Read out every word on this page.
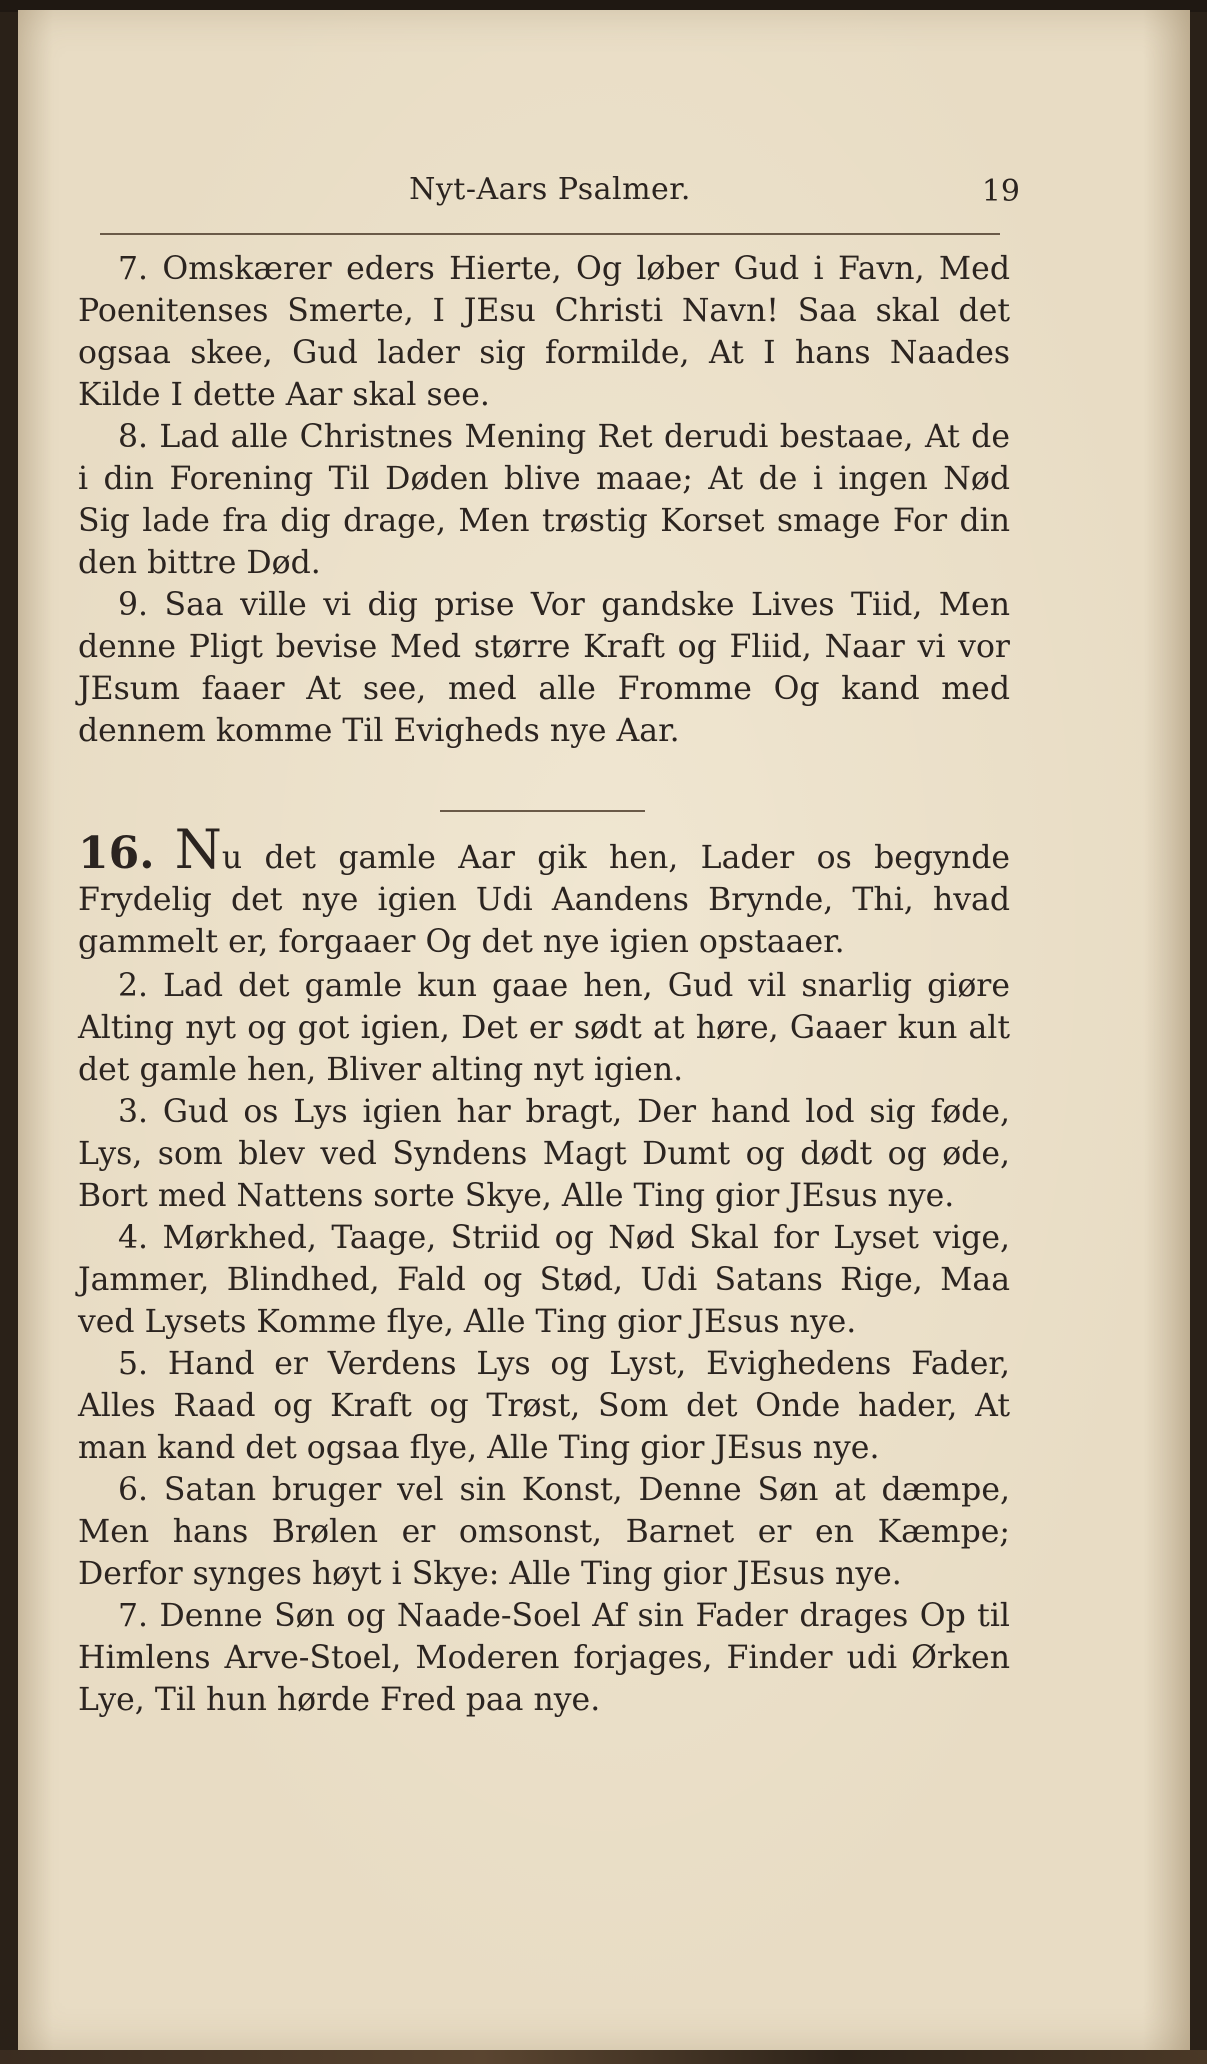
Nyt-Aars Psalmer.	19

7. Omskærer eders Hierte, Og løber Gud i Favn, Med Poenitenses Smerte, I JEsu Christi Navn! Saa skal det ogsaa skee, Gud lader sig formilde, At I hans Naades Kilde I dette Aar skal see.

8. Lad alle Christnes Mening Ret derudi bestaae, At de i din Forening Til Døden blive maae; At de i ingen Nød Sig lade fra dig drage, Men trøstig Korset smage For din den bittre Død.

9. Saa ville vi dig prise Vor gandske Lives Tiid, Men denne Pligt bevise Med større Kraft og Fliid, Naar vi vor JEsum faaer At see, med alle Fromme Og kand med dennem komme Til Evigheds nye Aar.

16. Nu det gamle Aar gik hen, Lader os begynde Frydelig det nye igien Udi Aandens Brynde, Thi, hvad gammelt er, forgaaer Og det nye igien opstaaer.

2. Lad det gamle kun gaae hen, Gud vil snarlig giøre Alting nyt og got igien, Det er sødt at høre, Gaaer kun alt det gamle hen, Bliver alting nyt igien.

3. Gud os Lys igien har bragt, Der hand lod sig føde, Lys, som blev ved Syndens Magt Dumt og dødt og øde, Bort med Nattens sorte Skye, Alle Ting gior JEsus nye.

4. Mørkhed, Taage, Striid og Nød Skal for Lyset vige, Jammer, Blindhed, Fald og Stød, Udi Satans Rige, Maa ved Lysets Komme flye, Alle Ting gior JEsus nye.

5. Hand er Verdens Lys og Lyst, Evighedens Fader, Alles Raad og Kraft og Trøst, Som det Onde hader, At man kand det ogsaa flye, Alle Ting gior JEsus nye.

6. Satan bruger vel sin Konst, Denne Søn at dæmpe, Men hans Brølen er omsonst, Barnet er en Kæmpe; Derfor synges høyt i Skye: Alle Ting gior JEsus nye.

7. Denne Søn og Naade-Soel Af sin Fader drages Op til Himlens Arve-Stoel, Moderen forjages, Finder udi Ørken Lye, Til hun hørde Fred paa nye.
